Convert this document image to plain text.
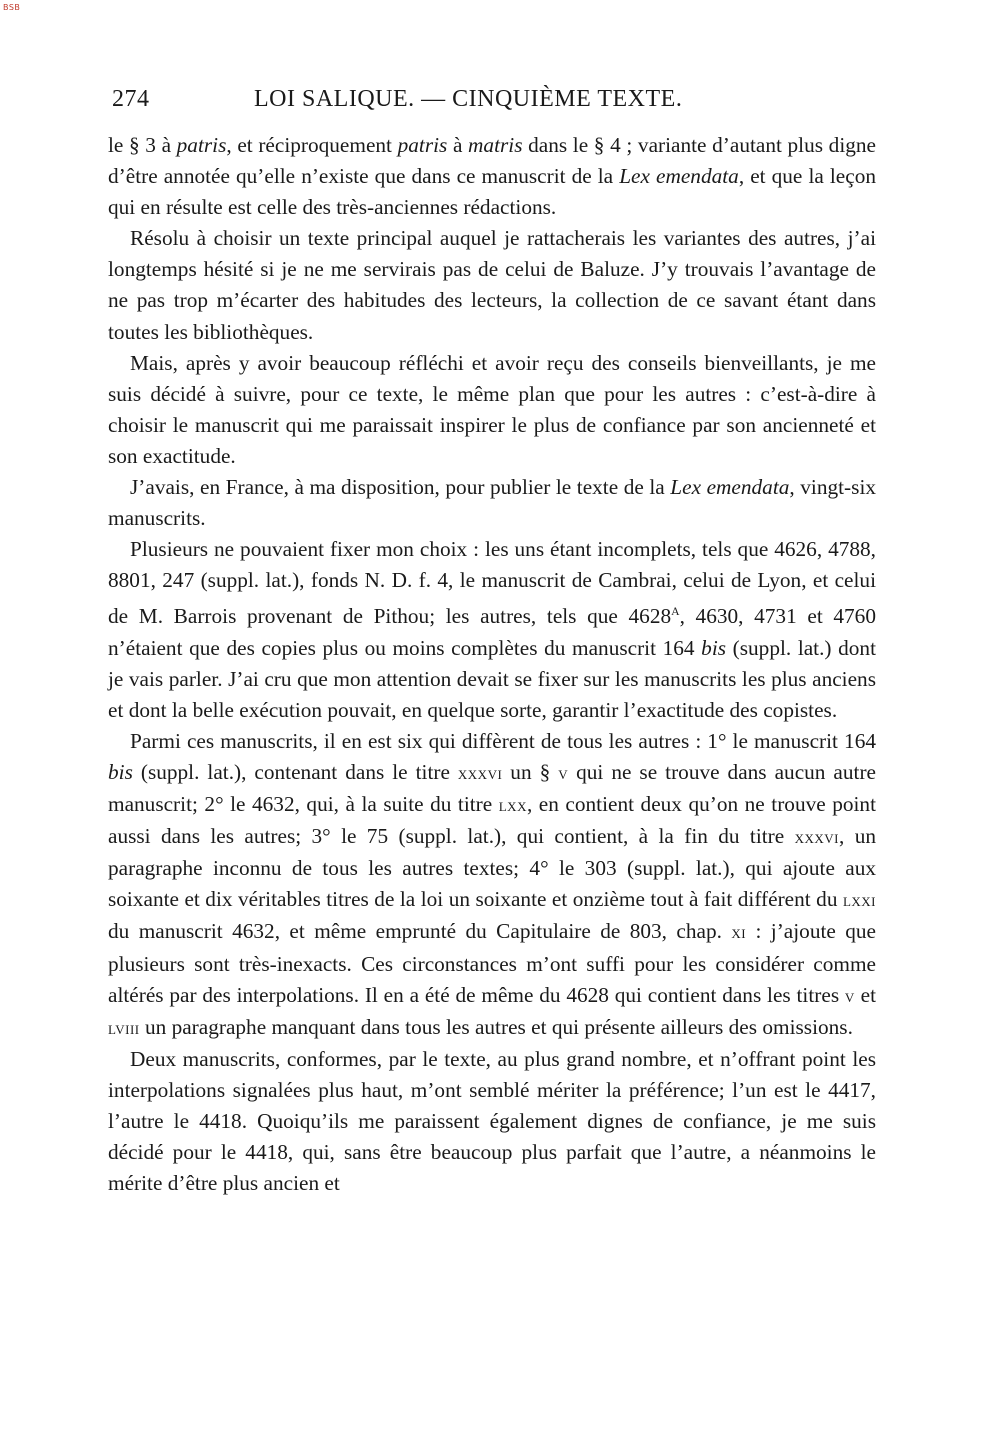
BSB
274	LOI SALIQUE. — CINQUIÈME TEXTE.

le § 3 à patris, et réciproquement patris à matris dans le § 4 ; variante d’autant plus digne d’être annotée qu’elle n’existe que dans ce manuscrit de la Lex emendata, et que la leçon qui en résulte est celle des très-anciennes rédactions.

Résolu à choisir un texte principal auquel je rattacherais les variantes des autres, j’ai longtemps hésité si je ne me servirais pas de celui de Baluze. J’y trouvais l’avantage de ne pas trop m’écarter des habitudes des lecteurs, la collection de ce savant étant dans toutes les bibliothèques.

Mais, après y avoir beaucoup réfléchi et avoir reçu des conseils bienveillants, je me suis décidé à suivre, pour ce texte, le même plan que pour les autres : c’est-à-dire à choisir le manuscrit qui me paraissait inspirer le plus de confiance par son ancienneté et son exactitude.

J’avais, en France, à ma disposition, pour publier le texte de la Lex emendata, vingt-six manuscrits.

Plusieurs ne pouvaient fixer mon choix : les uns étant incomplets, tels que 4626, 4788, 8801, 247 (suppl. lat.), fonds N. D. f. 4, le manuscrit de Cambrai, celui de Lyon, et celui de M. Barrois provenant de Pithou; les autres, tels que $4628^A$, 4630, 4731 et 4760 n’étaient que des copies plus ou moins complètes du manuscrit 164 bis (suppl. lat.) dont je vais parler. J’ai cru que mon attention devait se fixer sur les manuscrits les plus anciens et dont la belle exécution pouvait, en quelque sorte, garantir l’exactitude des copistes.

Parmi ces manuscrits, il en est six qui diffèrent de tous les autres : 1° le manuscrit 164 bis (suppl. lat.), contenant dans le titre xxxvi un § v qui ne se trouve dans aucun autre manuscrit; 2° le 4632, qui, à la suite du titre lxx, en contient deux qu’on ne trouve point aussi dans les autres; 3° le 75 (suppl. lat.), qui contient, à la fin du titre xxxvi, un paragraphe inconnu de tous les autres textes; 4° le 303 (suppl. lat.), qui ajoute aux soixante et dix véritables titres de la loi un soixante et onzième tout à fait différent du lxxi du manuscrit 4632, et même emprunté du Capitulaire de 803, chap. xi : j’ajoute que plusieurs sont très-inexacts. Ces circonstances m’ont suffi pour les considérer comme altérés par des interpolations. Il en a été de même du 4628 qui contient dans les titres v et lviii un paragraphe manquant dans tous les autres et qui présente ailleurs des omissions.

Deux manuscrits, conformes, par le texte, au plus grand nombre, et n’offrant point les interpolations signalées plus haut, m’ont semblé mériter la préférence; l’un est le 4417, l’autre le 4418. Quoiqu’ils me paraissent également dignes de confiance, je me suis décidé pour le 4418, qui, sans être beaucoup plus parfait que l’autre, a néanmoins le mérite d’être plus ancien et
